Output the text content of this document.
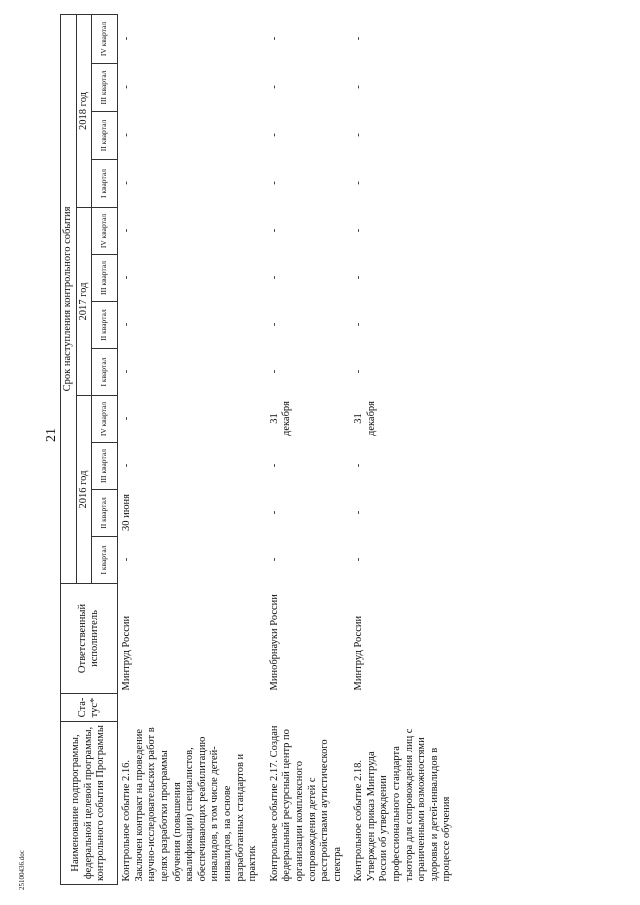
21
Наименование подпрограммы, федеральной целевой программы, контрольного события Программы	Ста-тус*	Ответственный исполнитель	Срок наступления контрольного события											
			2016 год				2017 год				2018 год			
			I квартал	II квартал	III квартал	IV квартал	I квартал	II квартал	III квартал	IV квартал	I квартал	II квартал	III квартал	IV квартал
Контрольное событие 2.16. Заключен контракт на проведение научно-исследовательских работ в целях разработки программы обучения (повышения квалификации) специалистов, обеспечивающих реабилитацию инвалидов, в том числе детей-инвалидов, на основе разработанных стандартов и практик		Минтруд России	-	30 июня	-	-	-	-	-	-	-	-	-	-
Контрольное событие 2.17. Создан федеральный ресурсный центр по организации комплексного сопровождения детей с расстройствами аутистического спектра		Минобрнауки России	-	-	-	31 декабря	-	-	-	-	-	-	-	-
Контрольное событие 2.18. Утвержден приказ Минтруда России об утверждении профессионального стандарта тьютора для сопровождения лиц с ограниченными возможностями здоровья и детей-инвалидов в процессе обучения		Минтруд России	-	-	-	31 декабря	-	-	-	-	-	-	-	-
25100436.doc
